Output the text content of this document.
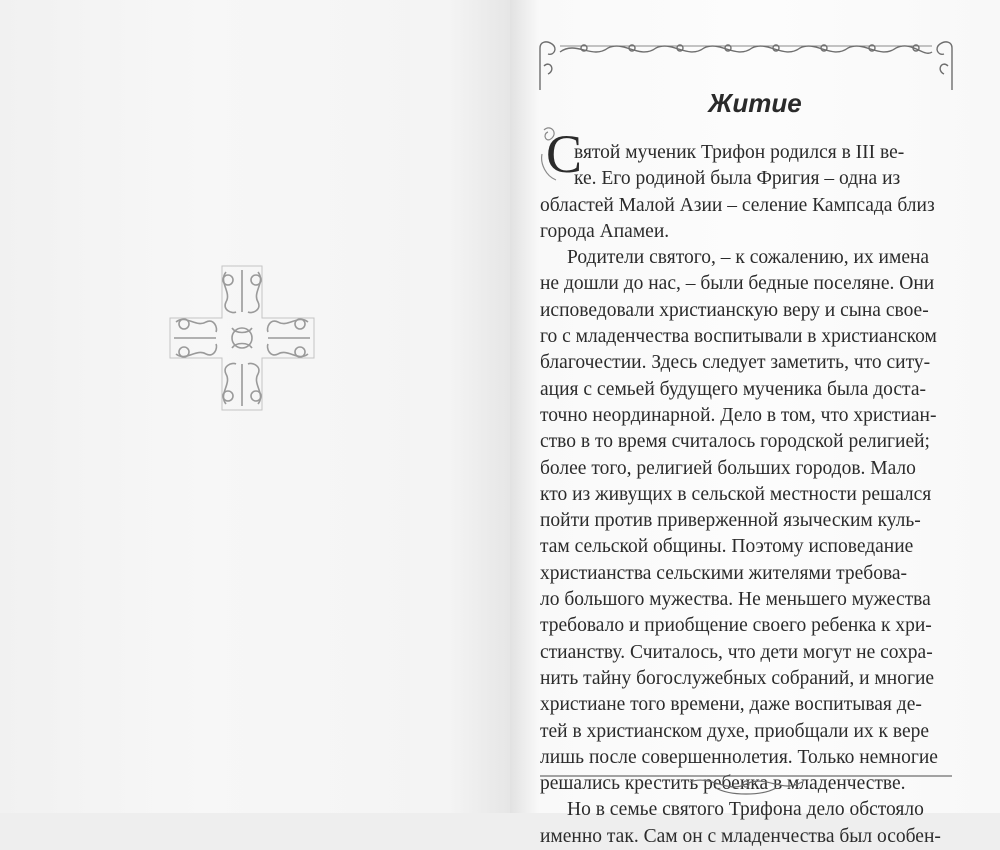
Житие
С
вятой мученик Трифон родился в III ве-
ке. Его родиной была Фригия – одна из
областей Малой Азии – селение Кампсада близ
города Апамеи.
Родители святого, – к сожалению, их имена
не дошли до нас, – были бедные поселяне. Они
исповедовали христианскую веру и сына свое-
го с младенчества воспитывали в христианском
благочестии. Здесь следует заметить, что ситу-
ация с семьей будущего мученика была доста-
точно неординарной. Дело в том, что христиан-
ство в то время считалось городской религией;
более того, религией больших городов. Мало
кто из живущих в сельской местности решался
пойти против приверженной языческим куль-
там сельской общины. Поэтому исповедание
христианства сельскими жителями требова-
ло большого мужества. Не меньшего мужества
требовало и приобщение своего ребенка к хри-
стианству. Считалось, что дети могут не сохра-
нить тайну богослужебных собраний, и многие
христиане того времени, даже воспитывая де-
тей в христианском духе, приобщали их к вере
лишь после совершеннолетия. Только немногие
решались крестить ребенка в младенчестве.
Но в семье святого Трифона дело обстояло
именно так. Сам он с младенчества был особен-
